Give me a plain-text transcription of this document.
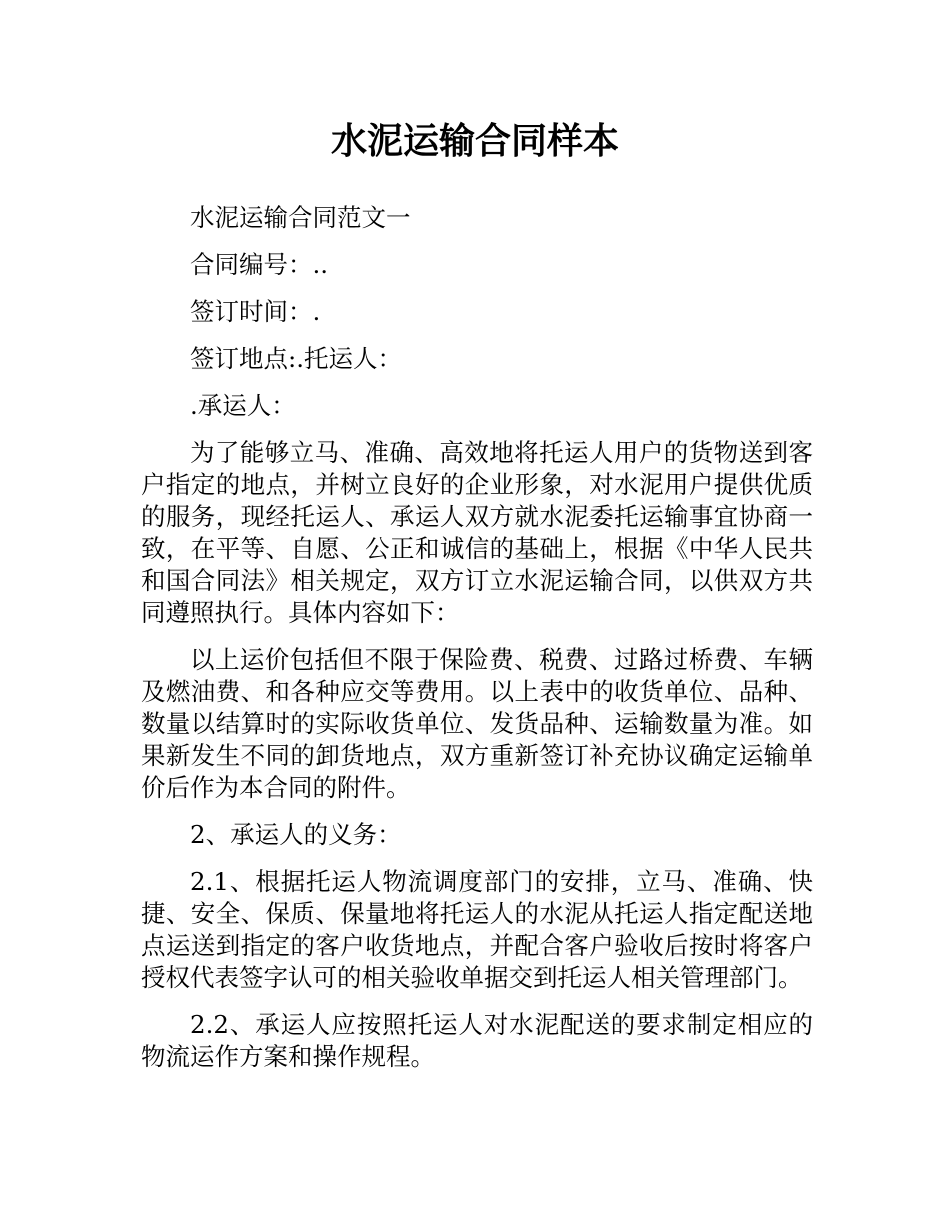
水泥运输合同样本

水泥运输合同范文一

合同编号：..

签订时间：.

签订地点:.托运人：

.承运人：

为了能够立马、准确、高效地将托运人用户的货物送到客户指定的地点，并树立良好的企业形象，对水泥用户提供优质的服务，现经托运人、承运人双方就水泥委托运输事宜协商一致，在平等、自愿、公正和诚信的基础上，根据《中华人民共和国合同法》相关规定，双方订立水泥运输合同，以供双方共同遵照执行。具体内容如下：

以上运价包括但不限于保险费、税费、过路过桥费、车辆及燃油费、和各种应交等费用。以上表中的收货单位、品种、数量以结算时的实际收货单位、发货品种、运输数量为准。如果新发生不同的卸货地点，双方重新签订补充协议确定运输单价后作为本合同的附件。

2、承运人的义务：

2.1、根据托运人物流调度部门的安排，立马、准确、快捷、安全、保质、保量地将托运人的水泥从托运人指定配送地点运送到指定的客户收货地点，并配合客户验收后按时将客户授权代表签字认可的相关验收单据交到托运人相关管理部门。

2.2、承运人应按照托运人对水泥配送的要求制定相应的物流运作方案和操作规程。
